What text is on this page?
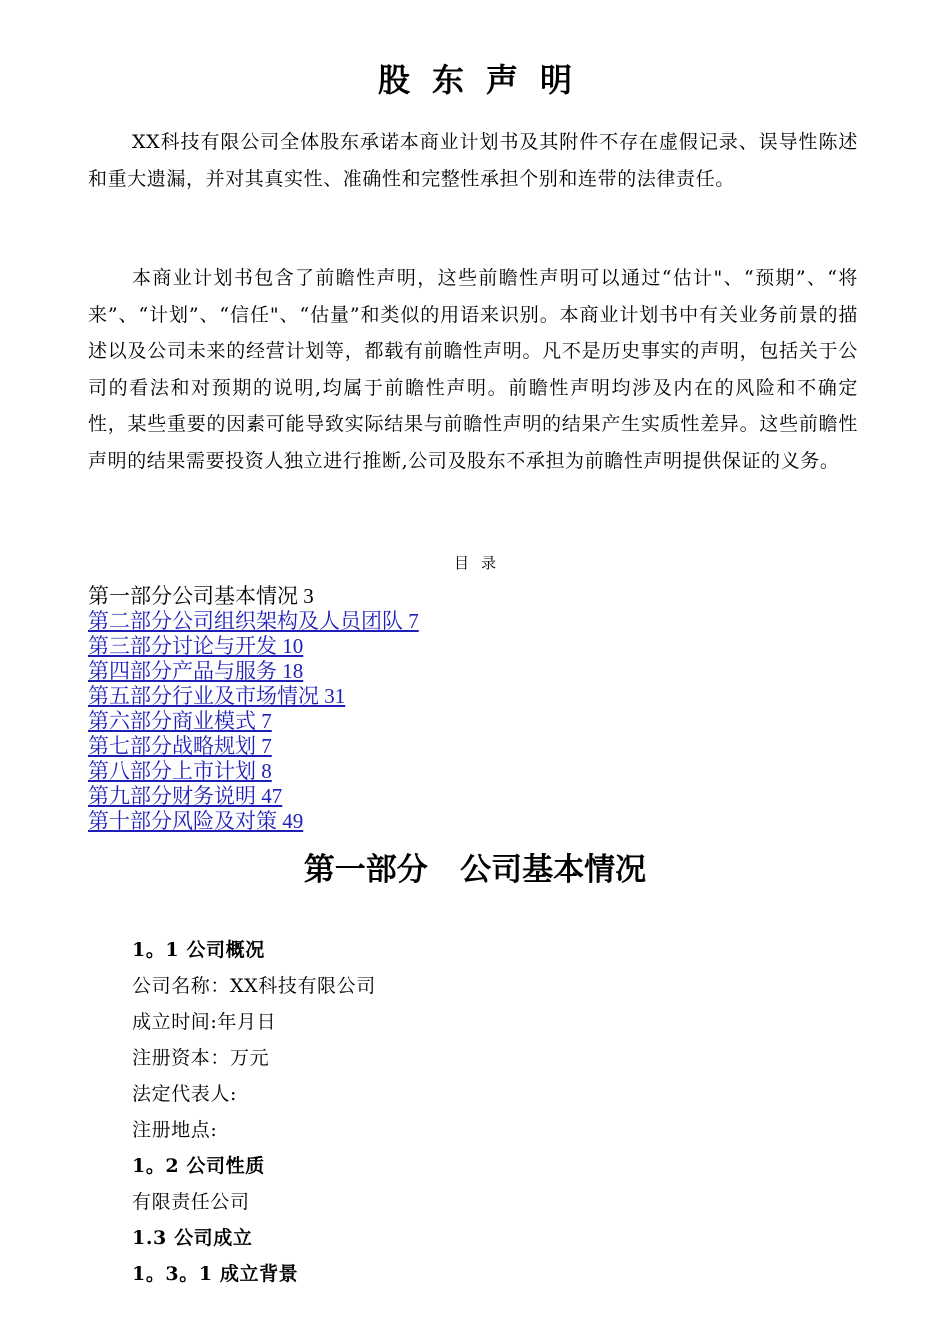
股东声明

XX科技有限公司全体股东承诺本商业计划书及其附件不存在虚假记录、误导性陈述和重大遗漏，并对其真实性、准确性和完整性承担个别和连带的法律责任。

本商业计划书包含了前瞻性声明，这些前瞻性声明可以通过“估计"、“预期”、“将来”、“计划”、“信任"、“估量”和类似的用语来识别。本商业计划书中有关业务前景的描述以及公司未来的经营计划等，都载有前瞻性声明。凡不是历史事实的声明，包括关于公司的看法和对预期的说明,均属于前瞻性声明。前瞻性声明均涉及内在的风险和不确定性，某些重要的因素可能导致实际结果与前瞻性声明的结果产生实质性差异。这些前瞻性声明的结果需要投资人独立进行推断,公司及股东不承担为前瞻性声明提供保证的义务。

目录
第一部分公司基本情况 3
第二部分公司组织架构及人员团队 7
第三部分讨论与开发 10
第四部分产品与服务 18
第五部分行业及市场情况 31
第六部分商业模式 7
第七部分战略规划 7
第八部分上市计划 8
第九部分财务说明 47
第十部分风险及对策 49
第一部分   公司基本情况
1。1 公司概况
公司名称：XX科技有限公司
成立时间:年月日
注册资本：万元
法定代表人:
注册地点:
1。2 公司性质
有限责任公司
1.3 公司成立
1。3。1 成立背景
